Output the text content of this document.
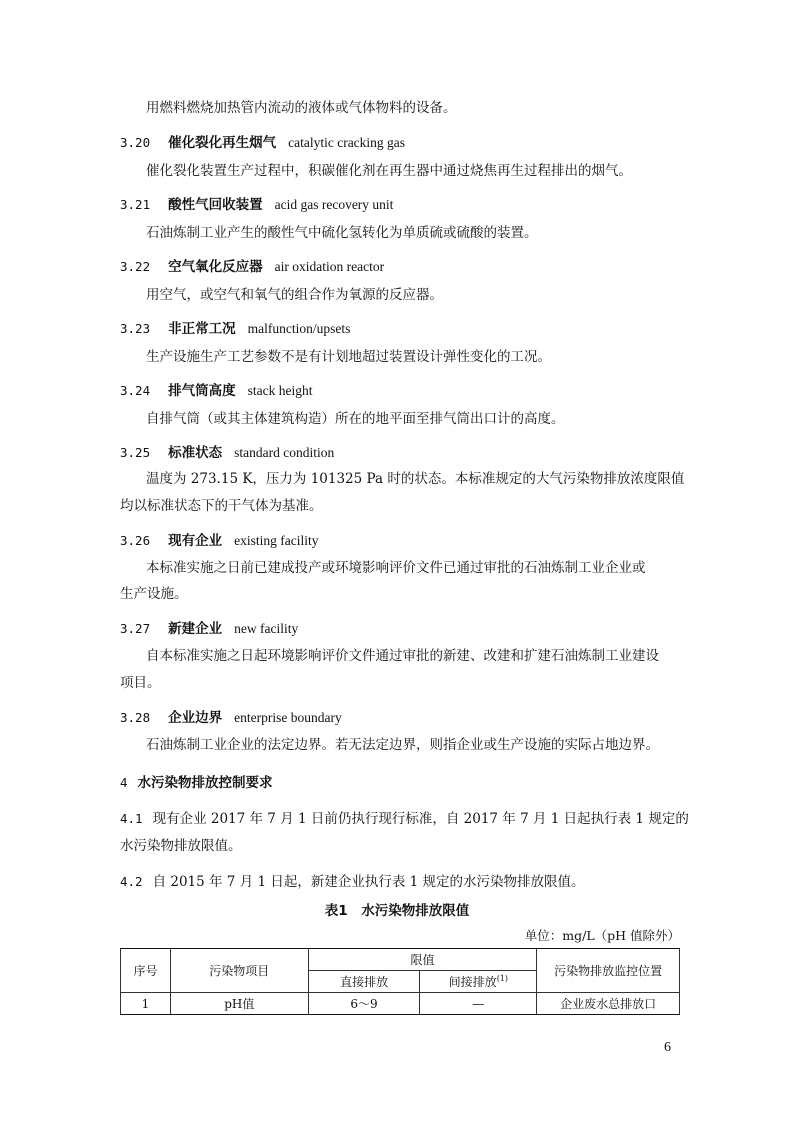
用燃料燃烧加热管内流动的液体或气体物料的设备。
3.20 催化裂化再生烟气 catalytic cracking gas
催化裂化装置生产过程中，积碳催化剂在再生器中通过烧焦再生过程排出的烟气。
3.21 酸性气回收装置 acid gas recovery unit
石油炼制工业产生的酸性气中硫化氢转化为单质硫或硫酸的装置。
3.22 空气氧化反应器 air oxidation reactor
用空气，或空气和氧气的组合作为氧源的反应器。
3.23 非正常工况 malfunction/upsets
生产设施生产工艺参数不是有计划地超过装置设计弹性变化的工况。
3.24 排气筒高度 stack height
自排气筒（或其主体建筑构造）所在的地平面至排气筒出口计的高度。
3.25 标准状态 standard condition
温度为 273.15 K，压力为 101325 Pa 时的状态。本标准规定的大气污染物排放浓度限值
均以标准状态下的干气体为基准。
3.26 现有企业 existing facility
本标准实施之日前已建成投产或环境影响评价文件已通过审批的石油炼制工业企业或
生产设施。
3.27 新建企业 new facility
自本标准实施之日起环境影响评价文件通过审批的新建、改建和扩建石油炼制工业建设
项目。
3.28 企业边界 enterprise boundary
石油炼制工业企业的法定边界。若无法定边界，则指企业或生产设施的实际占地边界。
4 水污染物排放控制要求
4.1 现有企业 2017 年 7 月 1 日前仍执行现行标准，自 2017 年 7 月 1 日起执行表 1 规定的
水污染物排放限值。
4.2 自 2015 年 7 月 1 日起，新建企业执行表 1 规定的水污染物排放限值。
表1　水污染物排放限值
单位：mg/L（pH 值除外）
序号	污染物项目	限值		污染物排放监控位置
		直接排放	间接排放$^{(1)}$
1	pH值	6～9	—	企业废水总排放口
6
